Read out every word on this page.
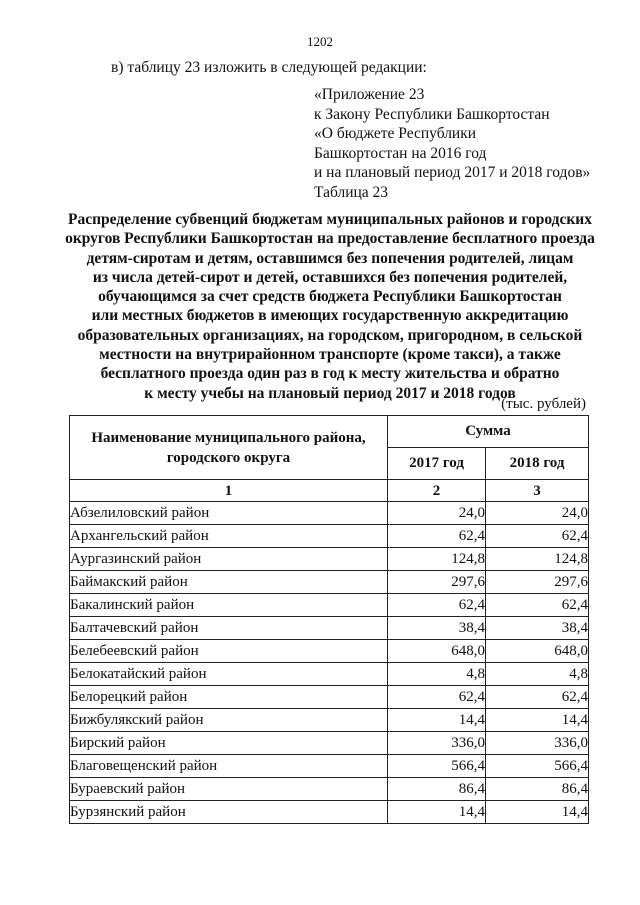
1202
в) таблицу 23 изложить в следующей редакции:
«Приложение 23
к Закону Республики Башкортостан
«О бюджете Республики
Башкортостан на 2016 год
и на плановый период 2017 и 2018 годов»
Таблица 23
Распределение субвенций бюджетам муниципальных районов и городских
округов Республики Башкортостан на предоставление бесплатного проезда
детям-сиротам и детям, оставшимся без попечения родителей, лицам
из числа детей-сирот и детей, оставшихся без попечения родителей,
обучающимся за счет средств бюджета Республики Башкортостан
или местных бюджетов в имеющих государственную аккредитацию
образовательных организациях, на городском, пригородном, в сельской
местности на внутрирайонном транспорте (кроме такси), а также
бесплатного проезда один раз в год к месту жительства и обратно
к месту учебы на плановый период 2017 и 2018 годов
(тыс. рублей)
Наименование муниципального района, городского округа	Сумма	
	2017 год	2018 год
1	2	3
Абзелиловский район	24,0	24,0
Архангельский район	62,4	62,4
Аургазинский район	124,8	124,8
Баймакский район	297,6	297,6
Бакалинский район	62,4	62,4
Балтачевский район	38,4	38,4
Белебеевский район	648,0	648,0
Белокатайский район	4,8	4,8
Белорецкий район	62,4	62,4
Бижбулякский район	14,4	14,4
Бирский район	336,0	336,0
Благовещенский район	566,4	566,4
Бураевский район	86,4	86,4
Бурзянский район	14,4	14,4
